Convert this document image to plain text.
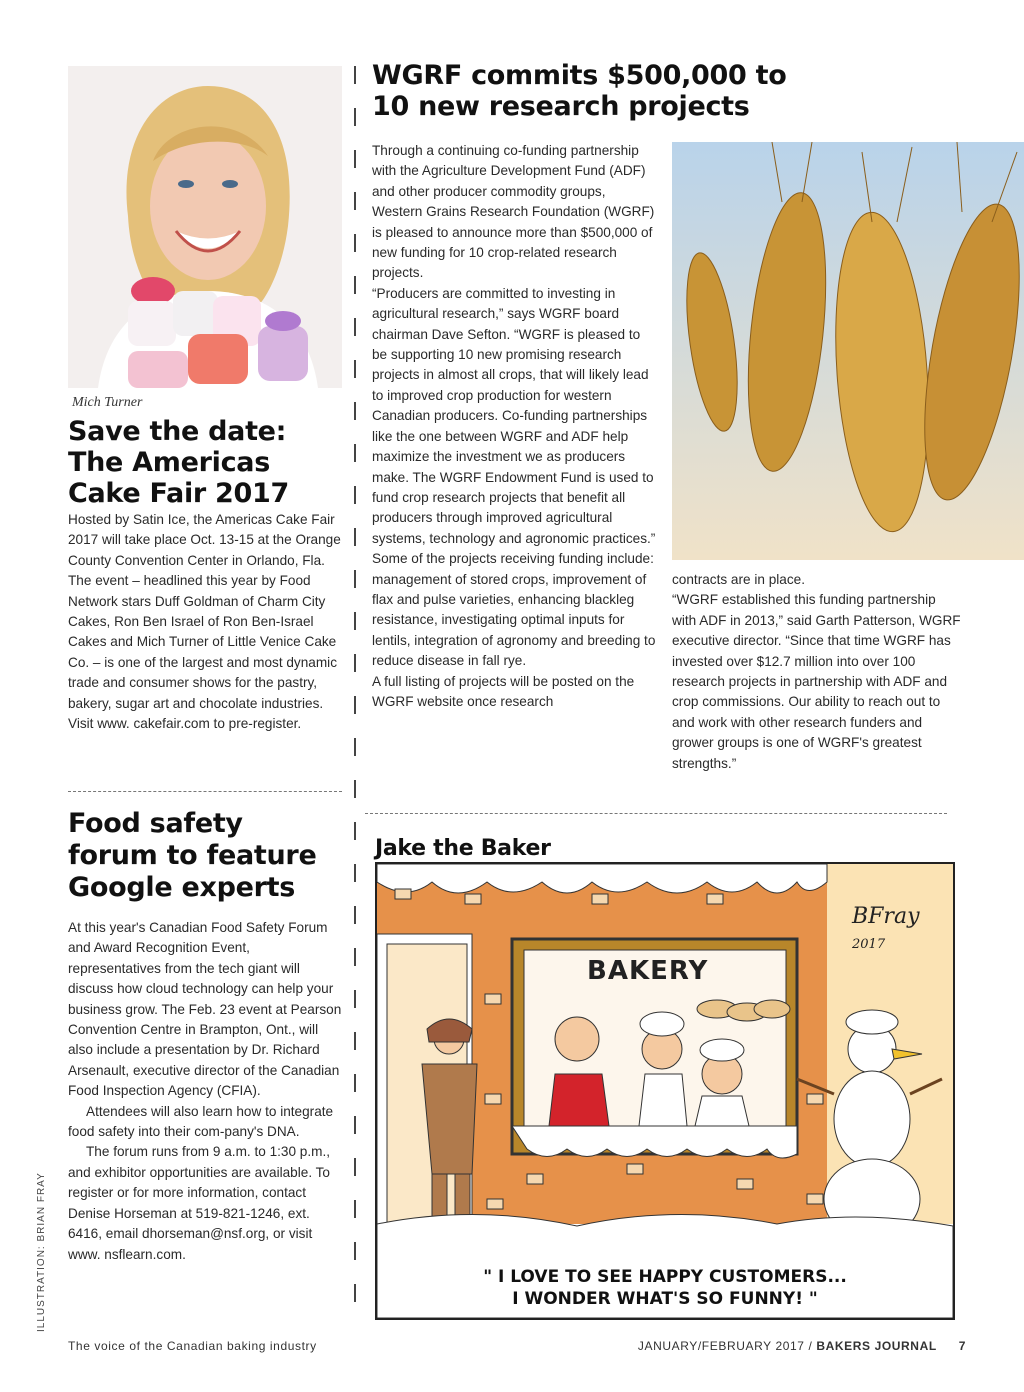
Mich Turner
Save the date: The Americas Cake Fair 2017

Hosted by Satin Ice, the Americas Cake Fair 2017 will take place Oct. 13-15 at the Orange County Convention Center in Orlando, Fla. The event – headlined this year by Food Network stars Duff Goldman of Charm City Cakes, Ron Ben Israel of Ron Ben-Israel Cakes and Mich Turner of Little Venice Cake Co. – is one of the largest and most dynamic trade and consumer shows for the pastry, bakery, sugar art and chocolate industries. Visit www. cakefair.com to pre-register.

Food safety forum to feature Google experts

At this year's Canadian Food Safety Forum and Award Recognition Event, representatives from the tech giant will discuss how cloud technology can help your business grow. The Feb. 23 event at Pearson Convention Centre in Brampton, Ont., will also include a presentation by Dr. Richard Arsenault, executive director of the Canadian Food Inspection Agency (CFIA).

Attendees will also learn how to integrate food safety into their com-pany's DNA.

The forum runs from 9 a.m. to 1:30 p.m., and exhibitor opportunities are available. To register or for more information, contact Denise Horseman at 519-821-1246, ext. 6416, email dhorseman@nsf.org, or visit www. nsflearn.com.

WGRF commits $500,000 to 10 new research projects

Through a continuing co-funding partnership with the Agriculture Development Fund (ADF) and other producer commodity groups, Western Grains Research Foundation (WGRF) is pleased to announce more than $500,000 of new funding for 10 crop-related research projects.
“Producers are committed to investing in agricultural research,” says WGRF board chairman Dave Sefton. “WGRF is pleased to be supporting 10 new promising research projects in almost all crops, that will likely lead to improved crop production for western Canadian producers. Co-funding partnerships like the one between WGRF and ADF help maximize the investment we as producers make. The WGRF Endowment Fund is used to fund crop research projects that benefit all producers through improved agricultural systems, technology and agronomic practices.”
Some of the projects receiving funding include: management of stored crops, improvement of flax and pulse varieties, enhancing blackleg resistance, investigating optimal inputs for lentils, integration of agronomy and breeding to reduce disease in fall rye.
A full listing of projects will be posted on the WGRF website once research

contracts are in place.
“WGRF established this funding partnership with ADF in 2013,” said Garth Patterson, WGRF executive director. “Since that time WGRF has invested over $12.7 million into over 100 research projects in partnership with ADF and crop commissions. Our ability to reach out to and work with other research funders and grower groups is one of WGRF's greatest strengths.”

Jake the Baker
BAKERY
BFray 2017
" I LOVE TO SEE HAPPY CUSTOMERS...
I WONDER WHAT'S SO FUNNY! "
ILLUSTRATION: BRIAN FRAY
The voice of the Canadian baking industry	JANUARY/FEBRUARY 2017 / BAKERS JOURNAL 7
